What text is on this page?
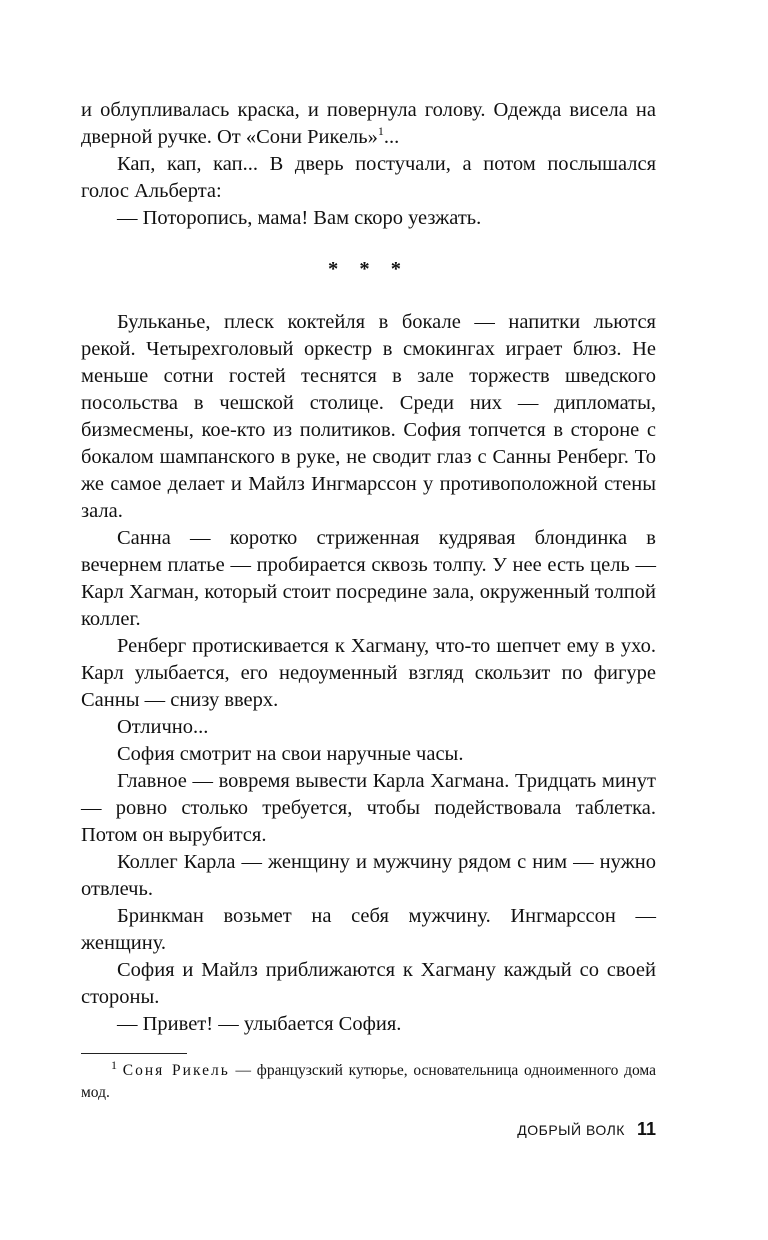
и облупливалась краска, и повернула голову. Одежда висела на дверной ручке. От «Сони Рикель»$^1$...

Кап, кап, кап... В дверь постучали, а потом послышался голос Альберта:

— Поторопись, мама! Вам скоро уезжать.

* * *

Бульканье, плеск коктейля в бокале — напитки льются рекой. Четырехголовый оркестр в смокингах играет блюз. Не меньше сотни гостей теснятся в зале торжеств шведского посольства в чешской столице. Среди них — дипломаты, бизмесмены, кое-кто из политиков. София топчется в стороне с бокалом шампанского в руке, не сводит глаз с Санны Ренберг. То же самое делает и Майлз Ингмарссон у противоположной стены зала.

Санна — коротко стриженная кудрявая блондинка в вечернем платье — пробирается сквозь толпу. У нее есть цель — Карл Хагман, который стоит посредине зала, окруженный толпой коллег.

Ренберг протискивается к Хагману, что-то шепчет ему в ухо. Карл улыбается, его недоуменный взгляд скользит по фигуре Санны — снизу вверх.

Отлично...

София смотрит на свои наручные часы.

Главное — вовремя вывести Карла Хагмана. Тридцать минут — ровно столько требуется, чтобы подействовала таблетка. Потом он вырубится.

Коллег Карла — женщину и мужчину рядом с ним — нужно отвлечь.

Бринкман возьмет на себя мужчину. Ингмарссон — женщину.

София и Майлз приближаются к Хагману каждый со своей стороны.

— Привет! — улыбается София.

$^1$ Соня Рикель — французский кутюрье, основательница одноименного дома мод.
ДОБРЫЙ ВОЛК 11
